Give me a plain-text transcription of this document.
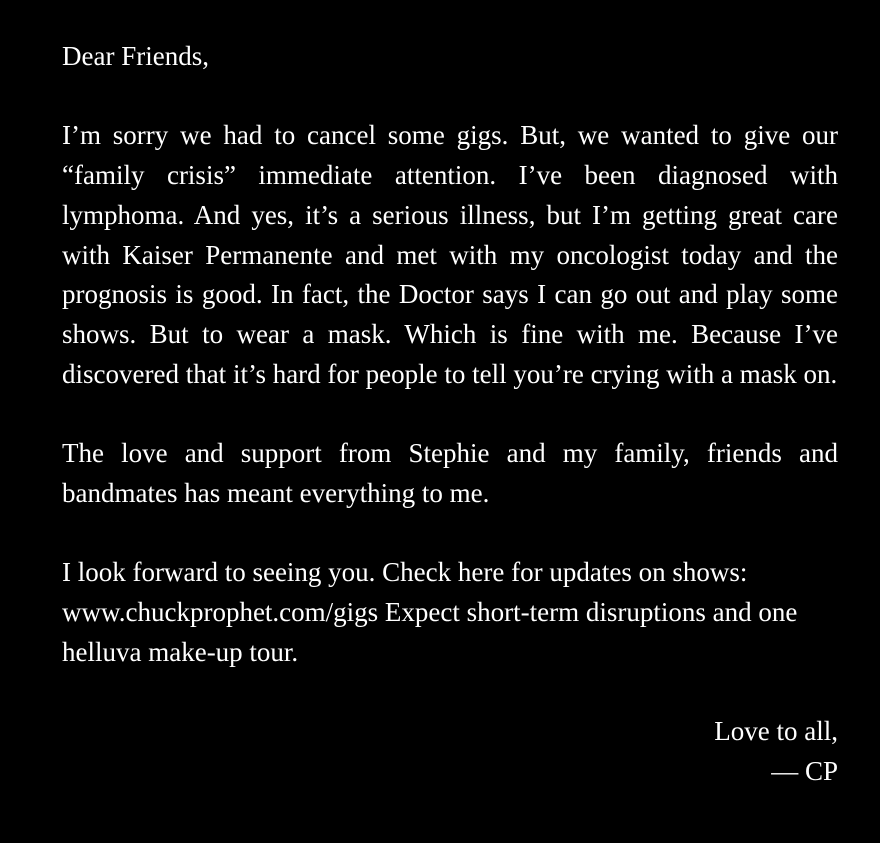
Dear Friends,

I’m sorry we had to cancel some gigs. But, we wanted to give our “family crisis” immediate attention. I’ve been diagnosed with lymphoma. And yes, it’s a serious illness, but I’m getting great care with Kaiser Permanente and met with my oncologist today and the prognosis is good. In fact, the Doctor says I can go out and play some shows. But to wear a mask. Which is fine with me. Because I’ve discovered that it’s hard for people to tell you’re crying with a mask on.

The love and support from Stephie and my family, friends and bandmates has meant everything to me.

I look forward to seeing you. Check here for updates on shows: www.chuckprophet.com/gigs Expect short-term disruptions and one helluva make-up tour.

Love to all,
— CP
